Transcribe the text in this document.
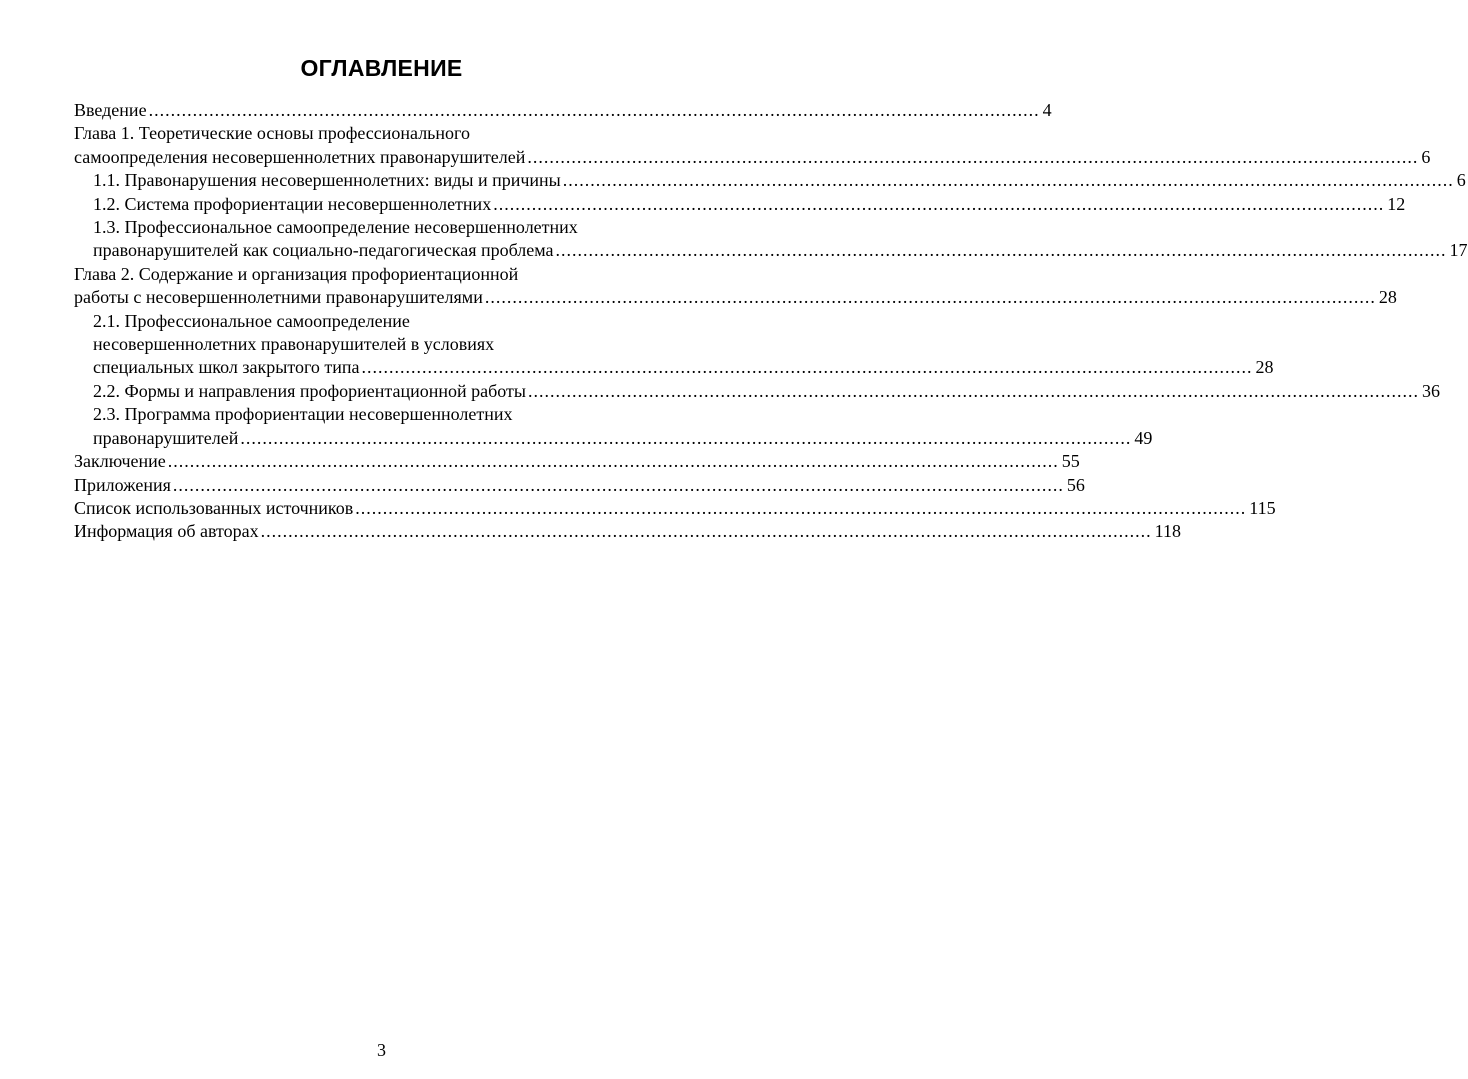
ОГЛАВЛЕНИЕ
Введение .................................................................................................................................................................. 4
Глава 1. Теоретические основы профессионального
самоопределения несовершеннолетних правонарушителей .................................................................................................................................................................. 6
1.1. Правонарушения несовершеннолетних: виды и причины .................................................................................................................................................................. 6
1.2. Система профориентации несовершеннолетних .................................................................................................................................................................. 12
1.3. Профессиональное самоопределение несовершеннолетних
правонарушителей как социально-педагогическая проблема .................................................................................................................................................................. 17
Глава 2. Содержание и организация профориентационной
работы с несовершеннолетними правонарушителями .................................................................................................................................................................. 28
2.1. Профессиональное самоопределение
несовершеннолетних правонарушителей в условиях
специальных школ закрытого типа .................................................................................................................................................................. 28
2.2. Формы и направления профориентационной работы .................................................................................................................................................................. 36
2.3. Программа профориентации несовершеннолетних
правонарушителей .................................................................................................................................................................. 49
Заключение .................................................................................................................................................................. 55
Приложения .................................................................................................................................................................. 56
Список использованных источников .................................................................................................................................................................. 115
Информация об авторах .................................................................................................................................................................. 118
3
